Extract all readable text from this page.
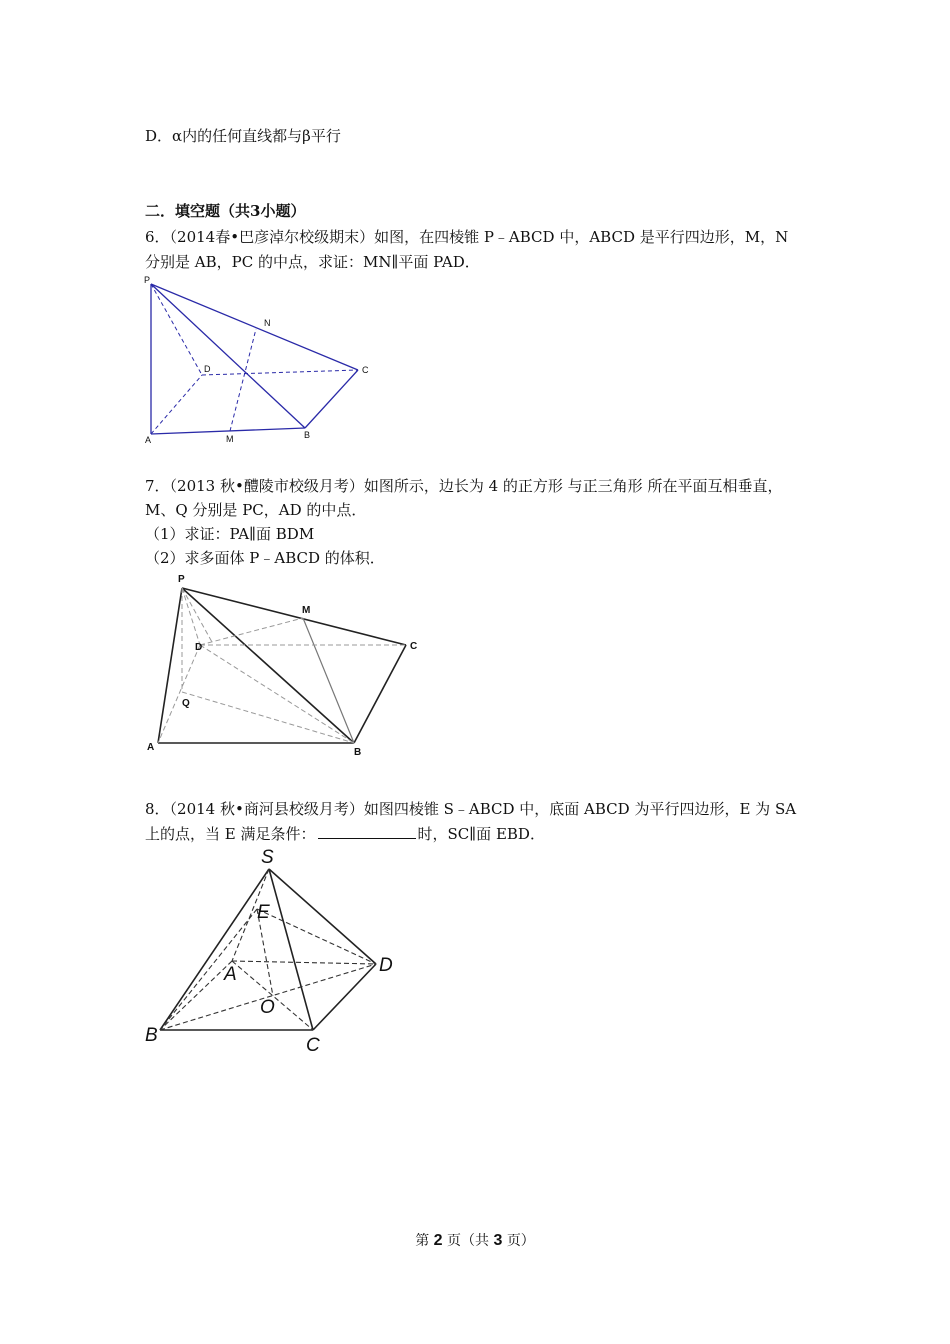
D．α内的任何直线都与β平行
二．填空题（共3小题）
6．（2014春•巴彦淖尔校级期末）如图，在四棱锥 P﹣ABCD 中，ABCD 是平行四边形，M，N
分别是 AB，PC 的中点，求证：MN∥平面 PAD．
P
N
D	C
A	M	B
7．（2013 秋•醴陵市校级月考）如图所示，边长为 4 的正方形 与正三角形 所在平面互相垂直，
M、Q 分别是 PC，AD 的中点．
（1）求证：PA∥面 BDM
（2）求多面体 P﹣ABCD 的体积．
P
M
D	C
Q
A	B
8．（2014 秋•商河县校级月考）如图四棱锥 S﹣ABCD 中，底面 ABCD 为平行四边形，E 为 SA
上的点，当 E 满足条件：	时，SC∥面 EBD．
S
E
A	D
O
B	C
第 2 页（共 3 页）
